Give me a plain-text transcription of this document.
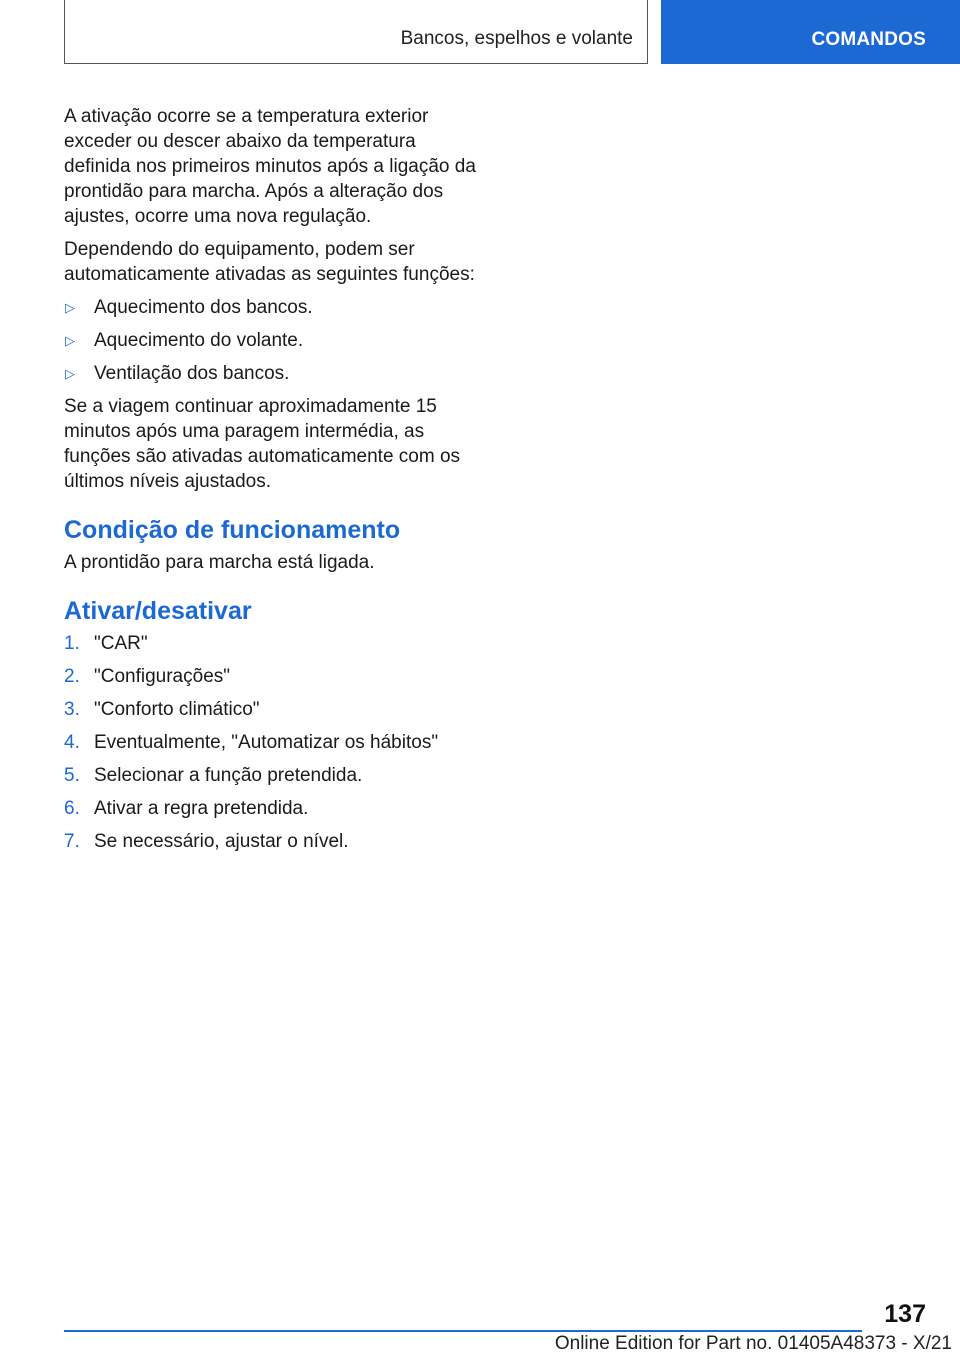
Bancos, espelhos e volante	COMANDOS

A ativação ocorre se a temperatura exterior exceder ou descer abaixo da temperatura definida nos primeiros minutos após a ligação da prontidão para marcha. Após a alteração dos ajustes, ocorre uma nova regulação.

Dependendo do equipamento, podem ser automaticamente ativadas as seguintes funções:

▷ Aquecimento dos bancos.
▷ Aquecimento do volante.
▷ Ventilação dos bancos.

Se a viagem continuar aproximadamente 15 minutos após uma paragem intermédia, as funções são ativadas automaticamente com os últimos níveis ajustados.

Condição de funcionamento

A prontidão para marcha está ligada.

Ativar/desativar
1. "CAR"
2. "Configurações"
3. "Conforto climático"
4. Eventualmente, "Automatizar os hábitos"
5. Selecionar a função pretendida.
6. Ativar a regra pretendida.
7. Se necessário, ajustar o nível.
137
Online Edition for Part no. 01405A48373 - X/21
